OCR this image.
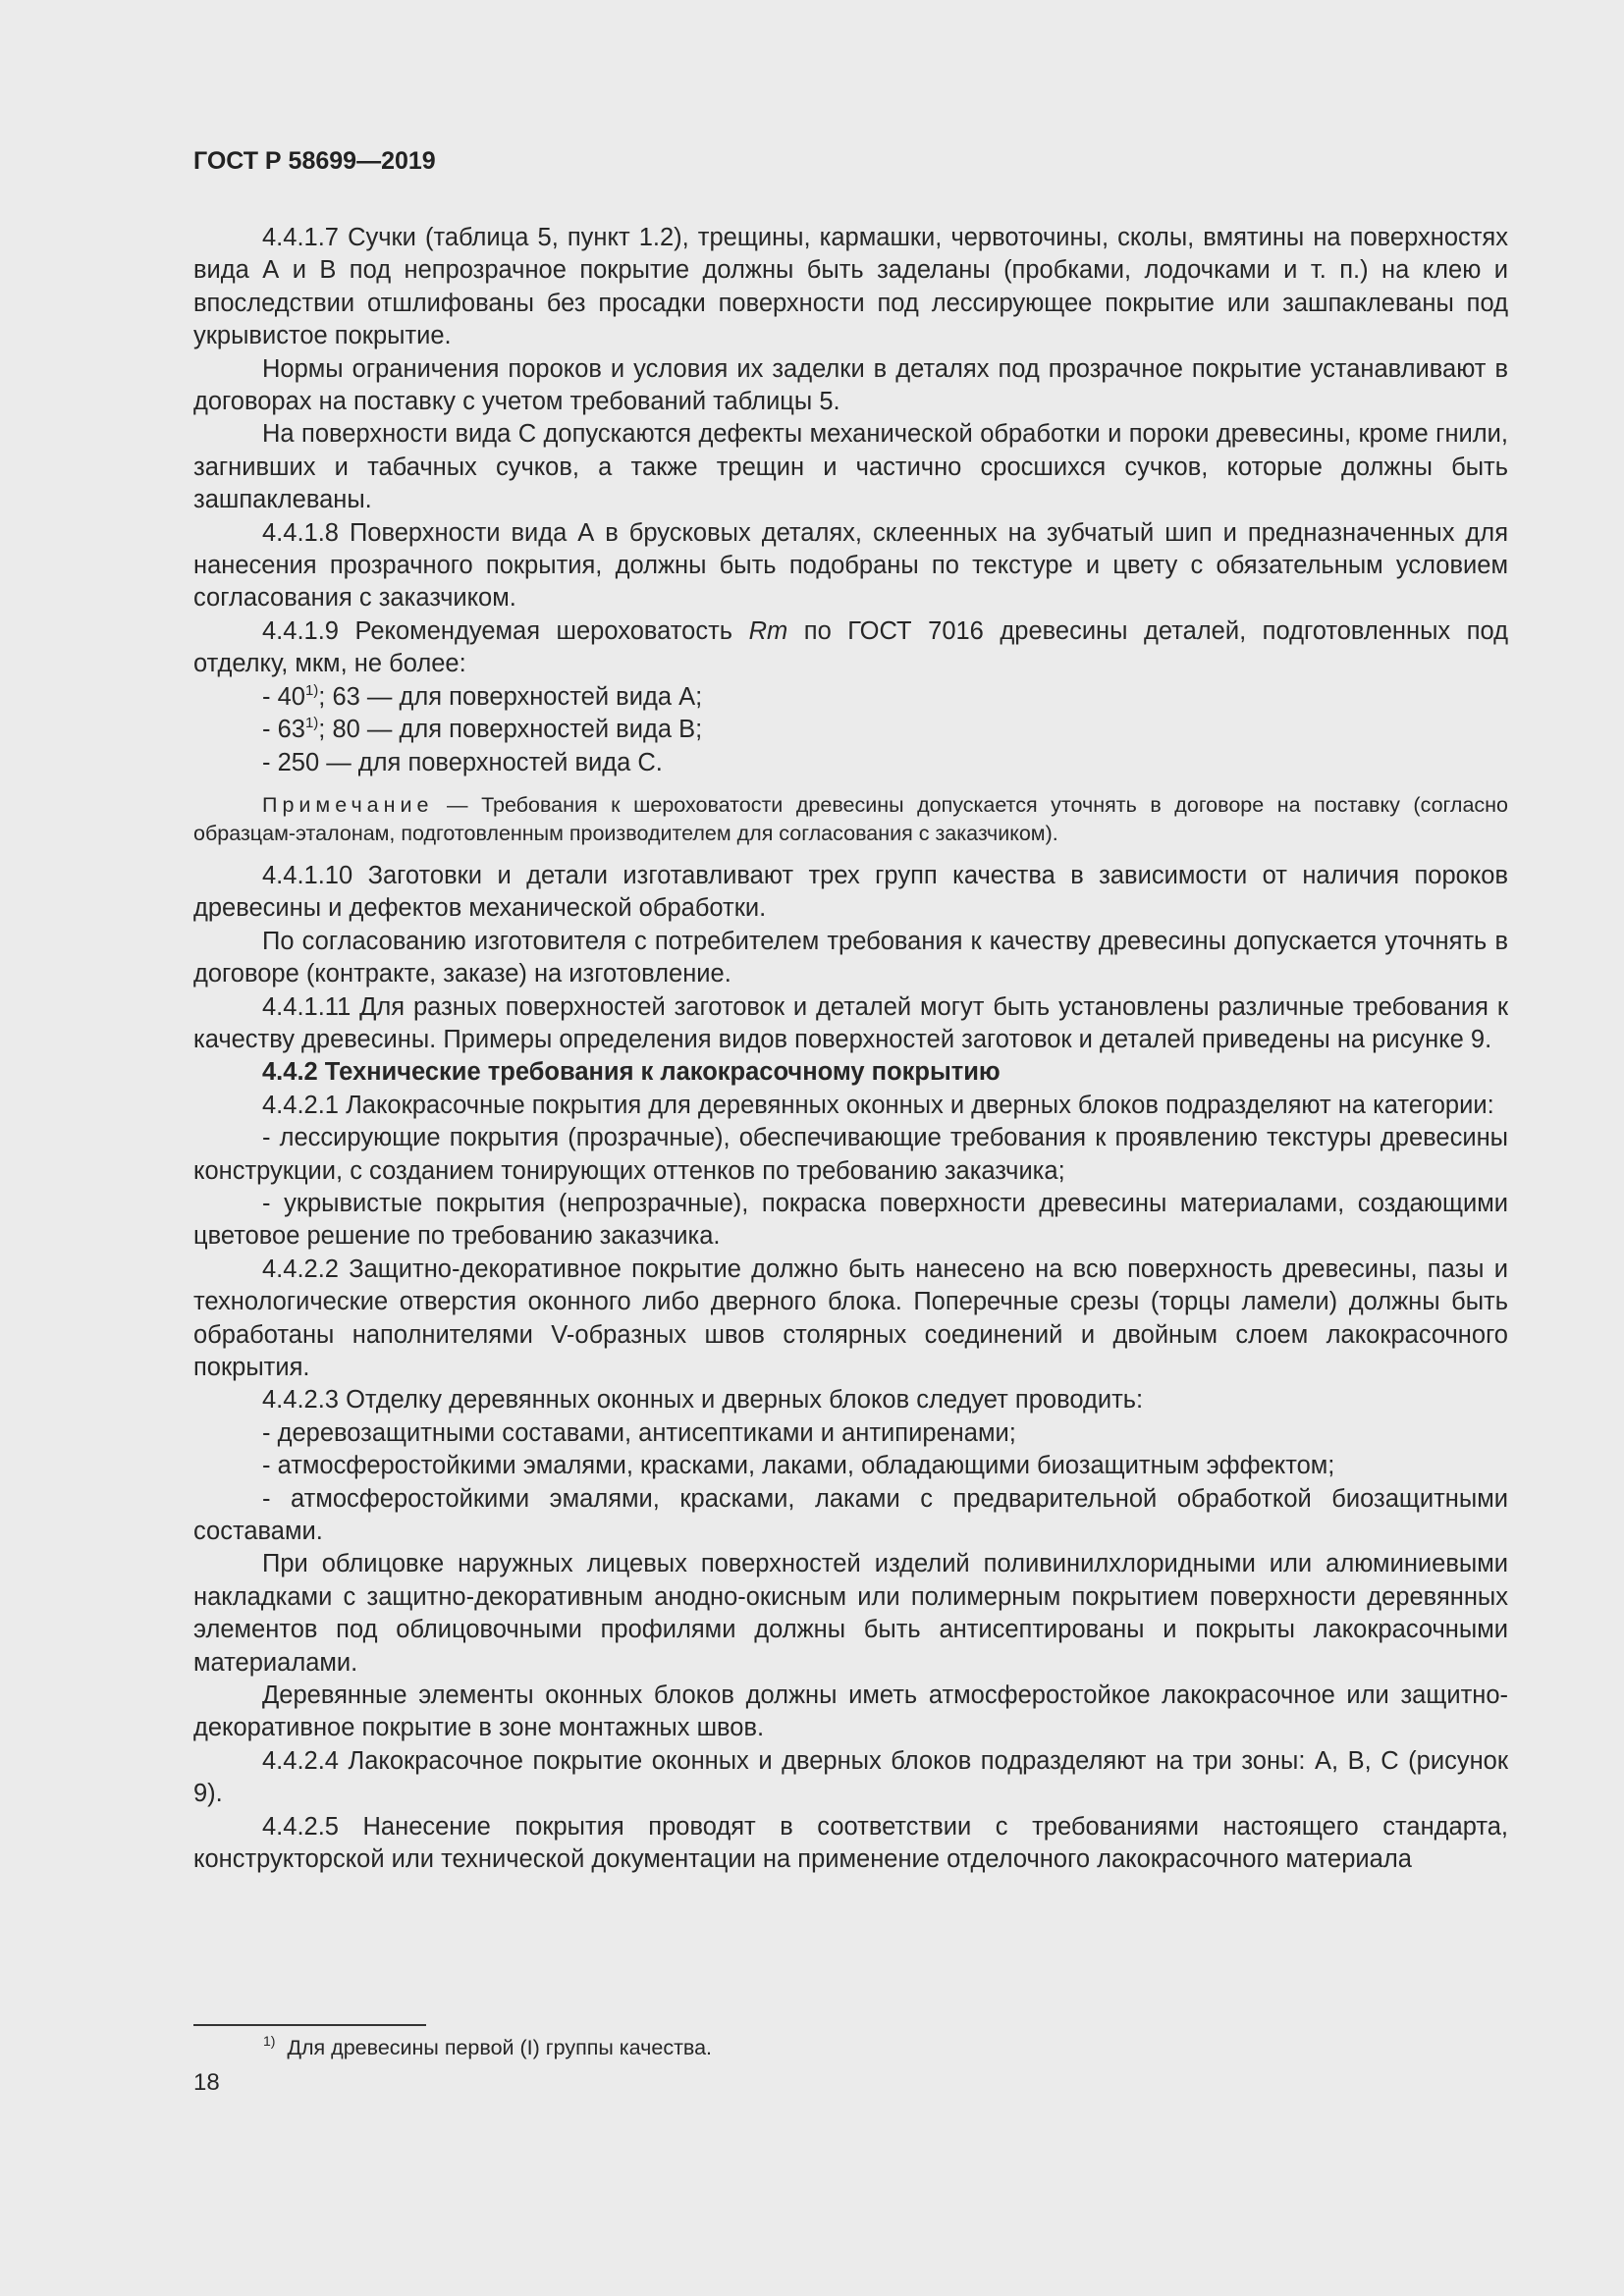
ГОСТ Р 58699—2019

4.4.1.7 Сучки (таблица 5, пункт 1.2), трещины, кармашки, червоточины, сколы, вмятины на поверхностях вида А и В под непрозрачное покрытие должны быть заделаны (пробками, лодочками и т. п.) на клею и впоследствии отшлифованы без просадки поверхности под лессирующее покрытие или зашпаклеваны под укрывистое покрытие.

Нормы ограничения пороков и условия их заделки в деталях под прозрачное покрытие устанавливают в договорах на поставку с учетом требований таблицы 5.

На поверхности вида С допускаются дефекты механической обработки и пороки древесины, кроме гнили, загнивших и табачных сучков, а также трещин и частично сросшихся сучков, которые должны быть зашпаклеваны.

4.4.1.8 Поверхности вида А в брусковых деталях, склеенных на зубчатый шип и предназначенных для нанесения прозрачного покрытия, должны быть подобраны по текстуре и цвету с обязательным условием согласования с заказчиком.

4.4.1.9 Рекомендуемая шероховатость Rm по ГОСТ 7016 древесины деталей, подготовленных под отделку, мкм, не более:

- 40$^{1)}$; 63 — для поверхностей вида А;

- 63$^{1)}$; 80 — для поверхностей вида В;

- 250 — для поверхностей вида С.

Примечание — Требования к шероховатости древесины допускается уточнять в договоре на поставку (согласно образцам-эталонам, подготовленным производителем для согласования с заказчиком).

4.4.1.10 Заготовки и детали изготавливают трех групп качества в зависимости от наличия пороков древесины и дефектов механической обработки.

По согласованию изготовителя с потребителем требования к качеству древесины допускается уточнять в договоре (контракте, заказе) на изготовление.

4.4.1.11 Для разных поверхностей заготовок и деталей могут быть установлены различные требования к качеству древесины. Примеры определения видов поверхностей заготовок и деталей приведены на рисунке 9.

4.4.2 Технические требования к лакокрасочному покрытию

4.4.2.1 Лакокрасочные покрытия для деревянных оконных и дверных блоков подразделяют на категории:

- лессирующие покрытия (прозрачные), обеспечивающие требования к проявлению текстуры древесины конструкции, с созданием тонирующих оттенков по требованию заказчика;

- укрывистые покрытия (непрозрачные), покраска поверхности древесины материалами, создающими цветовое решение по требованию заказчика.

4.4.2.2 Защитно-декоративное покрытие должно быть нанесено на всю поверхность древесины, пазы и технологические отверстия оконного либо дверного блока. Поперечные срезы (торцы ламели) должны быть обработаны наполнителями V-образных швов столярных соединений и двойным слоем лакокрасочного покрытия.

4.4.2.3 Отделку деревянных оконных и дверных блоков следует проводить:

- деревозащитными составами, антисептиками и антипиренами;

- атмосферостойкими эмалями, красками, лаками, обладающими биозащитным эффектом;

- атмосферостойкими эмалями, красками, лаками с предварительной обработкой биозащитными составами.

При облицовке наружных лицевых поверхностей изделий поливинилхлоридными или алюминиевыми накладками с защитно-декоративным анодно-окисным или полимерным покрытием поверхности деревянных элементов под облицовочными профилями должны быть антисептированы и покрыты лакокрасочными материалами.

Деревянные элементы оконных блоков должны иметь атмосферостойкое лакокрасочное или защитно-декоративное покрытие в зоне монтажных швов.

4.4.2.4 Лакокрасочное покрытие оконных и дверных блоков подразделяют на три зоны: А, В, С (рисунок 9).

4.4.2.5 Нанесение покрытия проводят в соответствии с требованиями настоящего стандарта, конструкторской или технической документации на применение отделочного лакокрасочного материала

$^{1)}$ Для древесины первой (I) группы качества.
18
